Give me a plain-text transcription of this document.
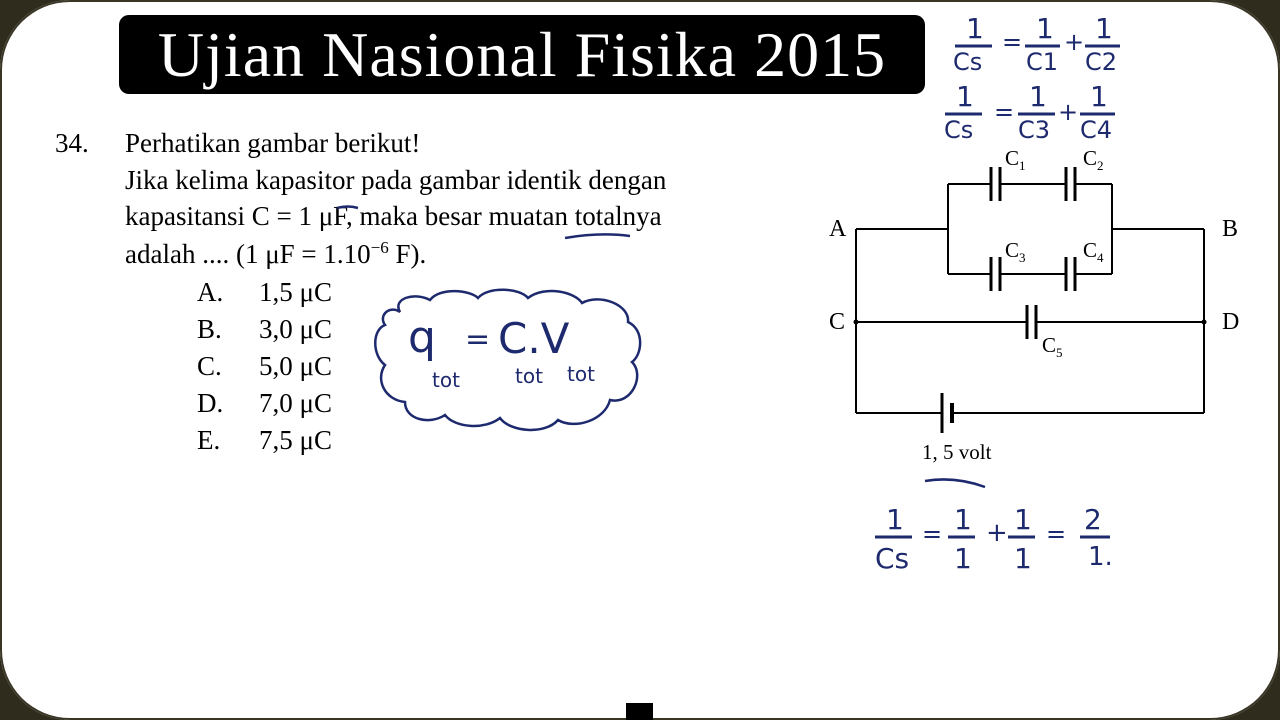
Ujian Nasional Fisika 2015
34. Perhatikan gambar berikut!
Jika kelima kapasitor pada gambar identik dengan
kapasitansi C = 1 μF, maka besar muatan totalnya
adalah .... (1 $\mu F = 1.10^{-6}$ F).
A. 1,5 μC
B. 3,0 μC
C. 5,0 μC
D. 7,0 μC
E. 7,5 μC
A	B
C	D
$C_1$	$C_2$
$C_3$	$C_4$
$C_5$
1, 5 volt
q = C.V
tot	tot tot
1
Cs
= 1
C1
+ 1
C2
1
Cs
= 1
C3
+ 1
C4
1
Cs
= 1
1
+ 1
1
= 2
1.
